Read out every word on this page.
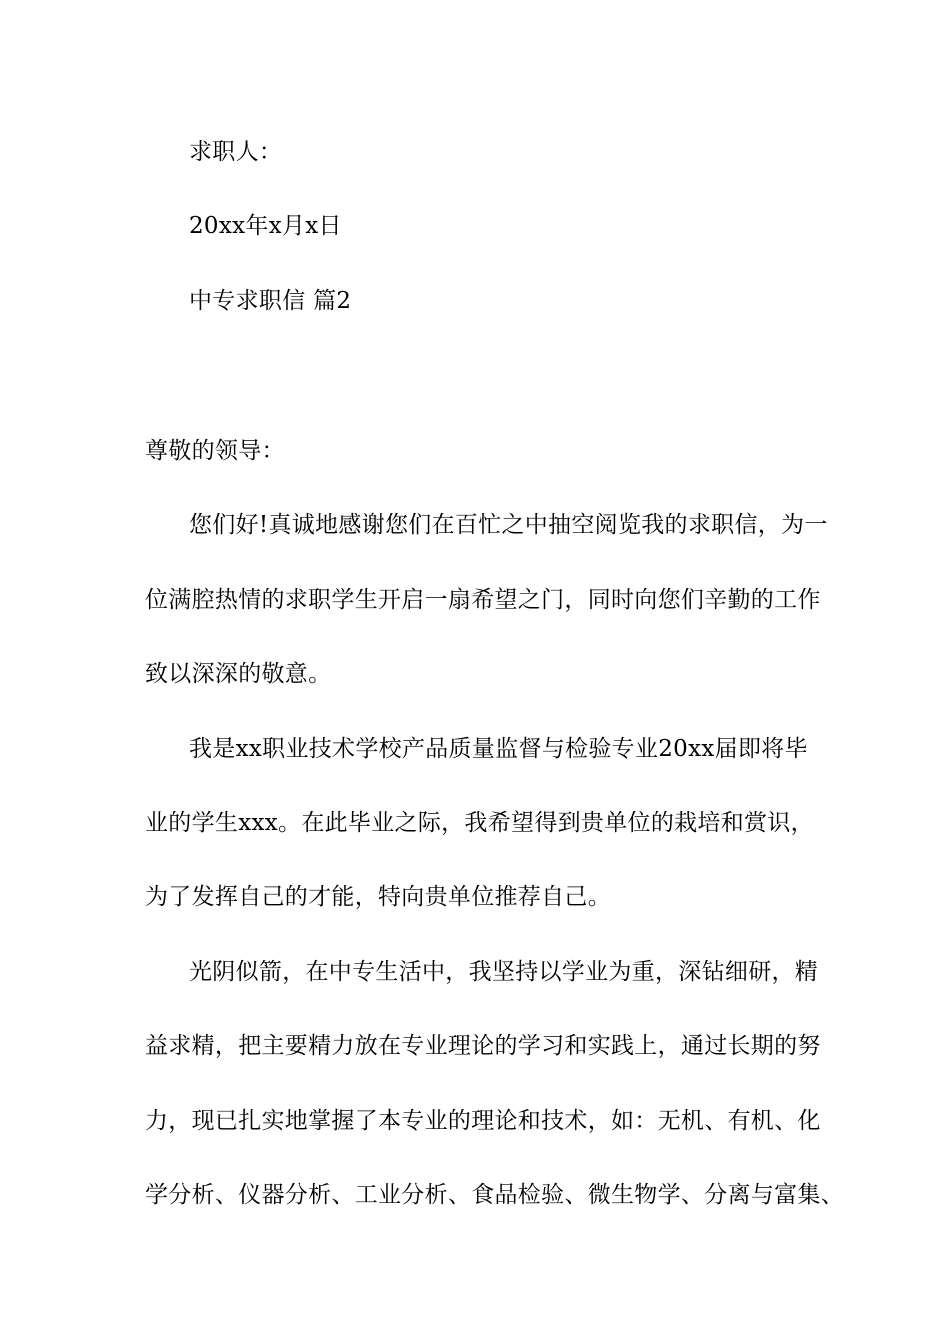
求职人：
20xx年x月x日
中专求职信 篇2
尊敬的领导：
您们好!真诚地感谢您们在百忙之中抽空阅览我的求职信，为一
位满腔热情的求职学生开启一扇希望之门，同时向您们辛勤的工作
致以深深的敬意。
我是xx职业技术学校产品质量监督与检验专业20xx届即将毕
业的学生xxx。在此毕业之际，我希望得到贵单位的栽培和赏识，
为了发挥自己的才能，特向贵单位推荐自己。
光阴似箭，在中专生活中，我坚持以学业为重，深钻细研，精
益求精，把主要精力放在专业理论的学习和实践上，通过长期的努
力，现已扎实地掌握了本专业的理论和技术，如：无机、有机、化
学分析、仪器分析、工业分析、食品检验、微生物学、分离与富集、
